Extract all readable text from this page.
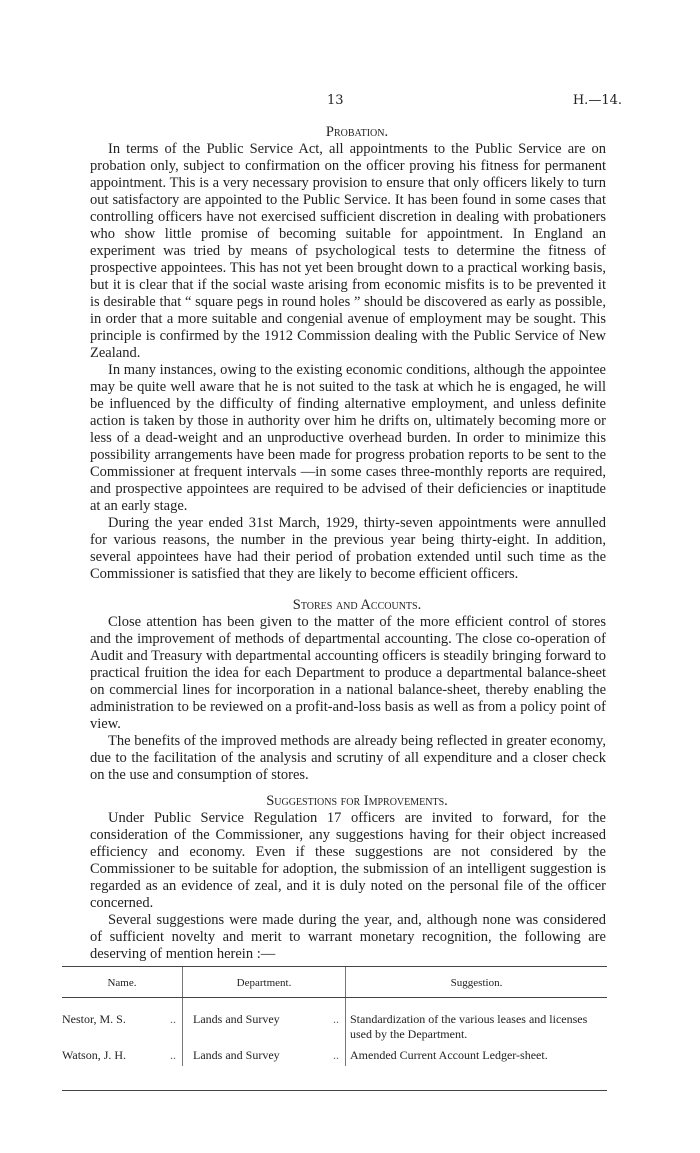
13	H.—14.

Probation.

In terms of the Public Service Act, all appointments to the Public Service are on probation only, subject to confirmation on the officer proving his fitness for permanent appointment. This is a very necessary provision to ensure that only officers likely to turn out satisfactory are appointed to the Public Service. It has been found in some cases that controlling officers have not exercised sufficient discretion in dealing with probationers who show little promise of becoming suitable for appointment. In England an experiment was tried by means of psychological tests to determine the fitness of prospective appointees. This has not yet been brought down to a practical working basis, but it is clear that if the social waste arising from economic misfits is to be prevented it is desirable that “ square pegs in round holes ” should be discovered as early as possible, in order that a more suitable and congenial avenue of employment may be sought. This principle is confirmed by the 1912 Commission dealing with the Public Service of New Zealand.

In many instances, owing to the existing economic conditions, although the appointee may be quite well aware that he is not suited to the task at which he is engaged, he will be influenced by the difficulty of finding alternative employment, and unless definite action is taken by those in authority over him he drifts on, ultimately becoming more or less of a dead-weight and an unproductive overhead burden. In order to minimize this possibility arrangements have been made for progress probation reports to be sent to the Commissioner at frequent intervals —in some cases three-monthly reports are required, and prospective appointees are required to be advised of their deficiencies or inaptitude at an early stage.

During the year ended 31st March, 1929, thirty-seven appointments were annulled for various reasons, the number in the previous year being thirty-eight. In addition, several appointees have had their period of probation extended until such time as the Commissioner is satisfied that they are likely to become efficient officers.

Stores and Accounts.

Close attention has been given to the matter of the more efficient control of stores and the improvement of methods of departmental accounting. The close co-operation of Audit and Treasury with departmental accounting officers is steadily bringing forward to practical fruition the idea for each Department to produce a departmental balance-sheet on commercial lines for incorporation in a national balance-sheet, thereby enabling the administration to be reviewed on a profit-and-loss basis as well as from a policy point of view.

The benefits of the improved methods are already being reflected in greater economy, due to the facilitation of the analysis and scrutiny of all expenditure and a closer check on the use and consumption of stores.

Suggestions for Improvements.

Under Public Service Regulation 17 officers are invited to forward, for the consideration of the Commissioner, any suggestions having for their object increased efficiency and economy. Even if these suggestions are not considered by the Commissioner to be suitable for adoption, the submission of an intelligent suggestion is regarded as an evidence of zeal, and it is duly noted on the personal file of the officer concerned.

Several suggestions were made during the year, and, although none was considered of sufficient novelty and merit to warrant monetary recognition, the following are deserving of mention herein :—

Name.	Department.	Suggestion.
Nestor, M. S. ..	Lands and Survey ..	Standardization of the various leases and licenses used by the Department.
Watson, J. H. ..	Lands and Survey ..	Amended Current Account Ledger-sheet.
